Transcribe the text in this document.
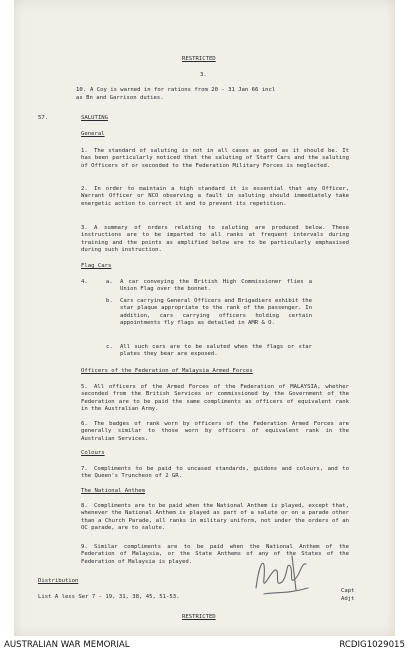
RESTRICTED
3.
10. A Coy is warned in for rations from 20 - 31 Jan 66 incl
as Bn and Garrison duties.
57.	SALUTING
General
1.	The standard of saluting is not in all cases as good as it should be. It has been particularly noticed that the saluting of Staff Cars and the saluting of Officers of or seconded to the Federation Military Forces is neglected.
2.	In order to maintain a high standard it is essential that any Officer, Warrant Officer or NCO observing a fault in saluting should immediately take energetic action to correct it and to prevent its repetition.
3.	A summary of orders relating to saluting are produced below. These instructions are to be imparted to all ranks at frequent intervals during training and the points as amplified below are to be particularly emphasised during such instruction.
Flag Cars
4.	a. A car conveying the British High Commissioner flies a Union Flag over the bonnet.
b. Cars carrying General Officers and Brigadiers exhibit the star plaque appropriate to the rank of the passenger. In addition, cars carrying officers holding certain appointments fly flags as detailed in AMR & O.
c. All such cars are to be saluted when the flags or star plates they bear are exposed.
Officers of the Federation of Malaysia Armed Forces
5.	All officers of the Armed Forces of the Federation of MALAYSIA, whether seconded from the British Services or commissioned by the Government of the Federation are to be paid the same compliments as officers of equivalent rank in the Australian Army.
6.	The badges of rank worn by officers of the Federation Armed Forces are generally similar to those worn by officers of equivalent rank in the Australian Services.
Colours
7.	Compliments to be paid to uncased standards, guidons and colours, and to the Queen's Truncheon of 2 GR.
The National Anthem
8.	Compliments are to be paid when the National Anthem is played, except that, whenever the National Anthem is played as part of a salute or on a parade other than a Church Parade, all ranks in military uniform, not under the orders of an OC parade, are to salute.
9.	Similar compliments are to be paid when the National Anthem of the Federation of Malaysia, or the State Anthems of any of the States of the Federation of Malaysia is played.
Distribution
List A less Ser 7 - 19, 31, 38, 45, 51-53.
Capt
Adjt
RESTRICTED
AUSTRALIAN WAR MEMORIAL	RCDIG1029015
